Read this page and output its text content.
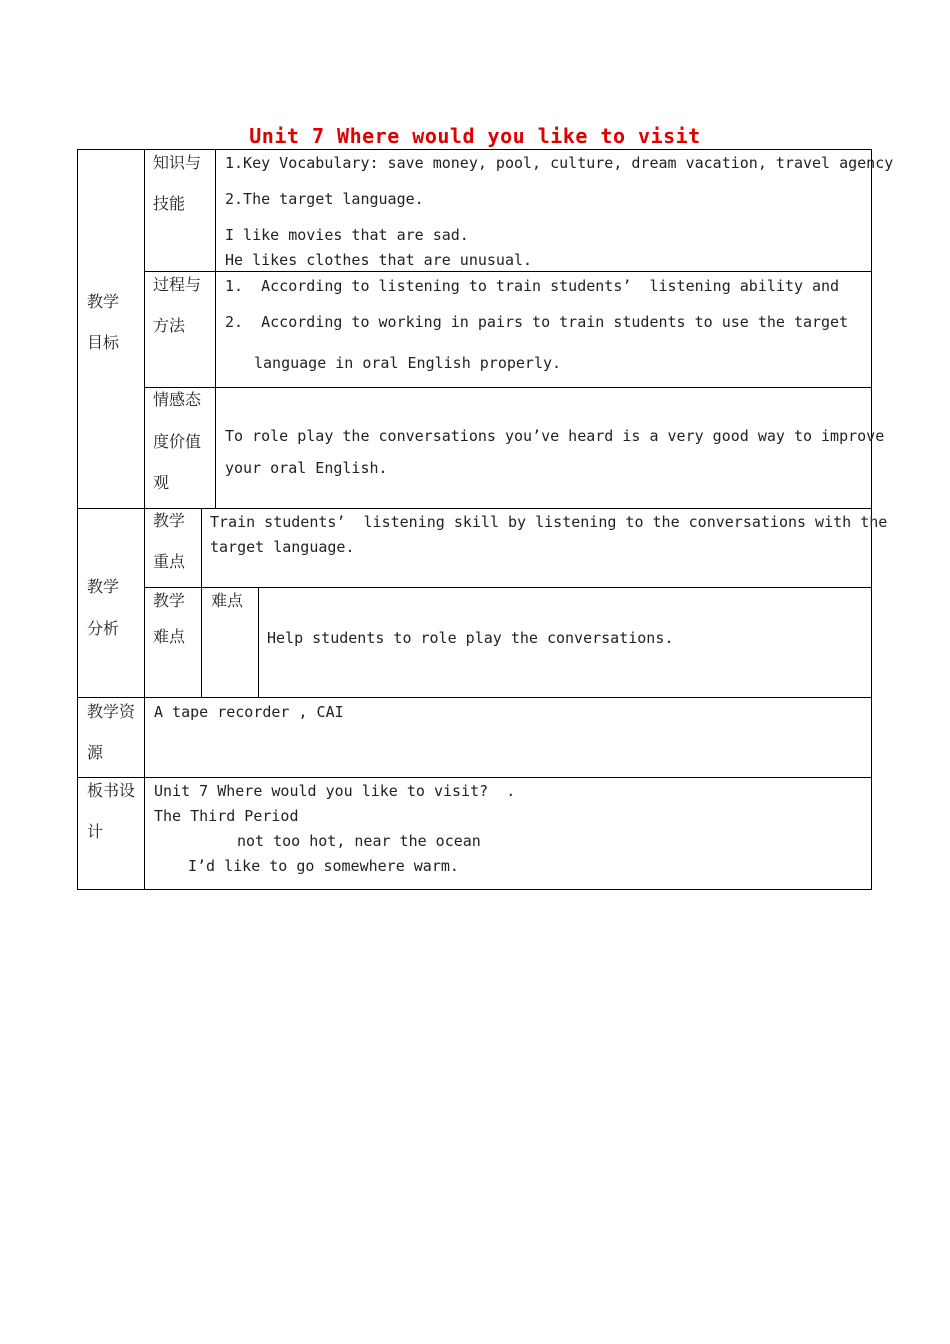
Unit 7 Where would you like to visit
教学
目标
知识与
技能
1.Key Vocabulary: save money, pool, culture, dream vacation, travel agency
2.The target language.
I like movies that are sad.
He likes clothes that are unusual.
过程与
方法
1.  According to listening to train students’  listening ability and
2.  According to working in pairs to train students to use the target
language in oral English properly.
情感态
度价值
观
To role play the conversations you’ve heard is a very good way to improve
your oral English.
教学
分析
教学
重点
Train students’  listening skill by listening to the conversations with the
target language.
教学
难点
难点
Help students to role play the conversations.
教学资
源
A tape recorder , CAI
板书设
计
Unit 7 Where would you like to visit?  .
The Third Period
not too hot, near the ocean
I’d like to go somewhere warm.
